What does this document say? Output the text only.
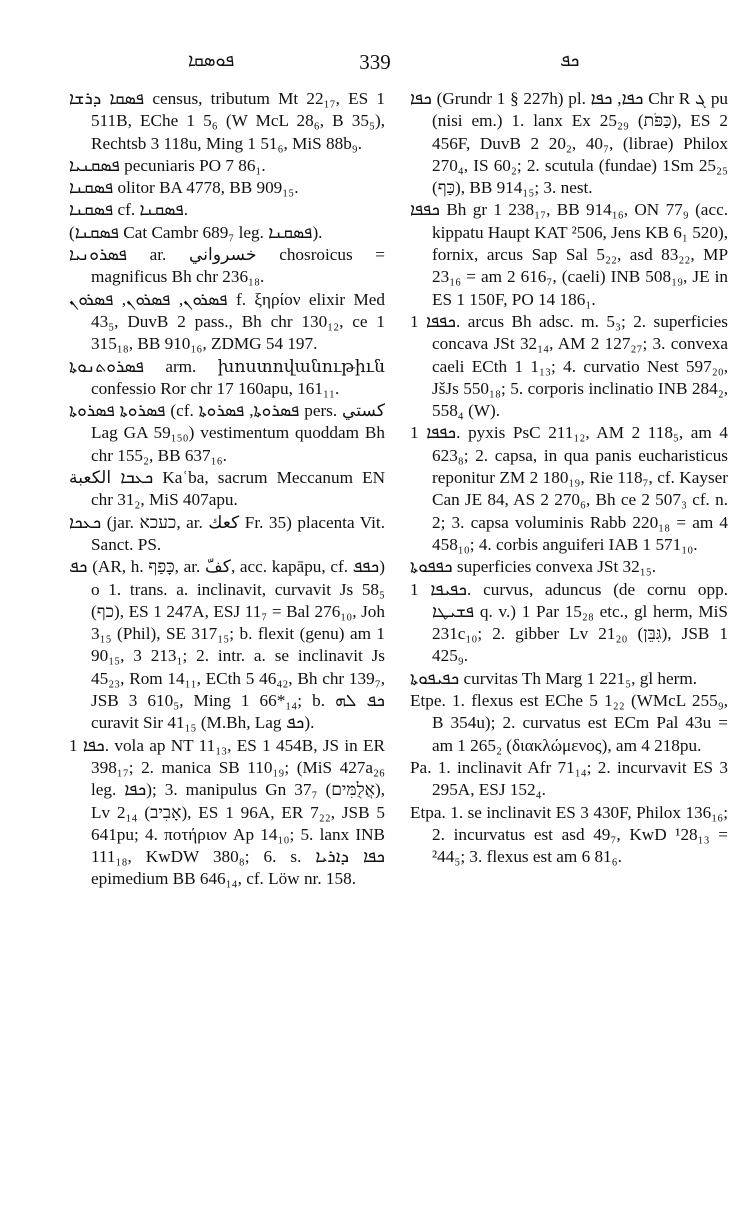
ܦܘܣܩܐ	339	ܟܦ

ܦܣܩܐ ܕܪܫܐ census, tributum Mt 22₁₇, ES 1 511B, EChe 1 5₆ (W McL 28₆, B 35₅), Rechtsb 3 118u, Ming 1 51₆, MiS 88b₉.

ܦܣܩܢܝܐ pecuniaris PO 7 86₁.

ܦܣܩܢܐ olitor BA 4778, BB 909₁₅.

ܦܣܩܢܐ cf. ܦܣܩܢܐ.

(ܦܣܩܢܐ Cat Cambr 689₇ leg. ܦܣܩܢܐ).

ܦܣܪܘܢܝܐ ar. خسرواني chosroicus = magnificus Bh chr 236₁₈.

ܦܣܪܘܢ, ܦܣܪܘܢ, ܦܣܪܘܢ f. ξηρίον elixir Med 43₅, DuvB 2 pass., Bh chr 130₁₂, ce 1 315₁₈, BB 910₁₆, ZDMG 54 197.

ܦܣܪܘܬܢܘܬܐ arm. խոստովանութիւն confessio Ror chr 17 160apu, 161₁₁.

ܦܣܪܘܬܐ ܦܣܪܘܬܐ (cf. ܦܣܪܘܬܐ, ܦܣܪܘܬܐ pers. كستي Lag GA 59₁₅₀) vestimentum quoddam Bh chr 155₂, BB 637₁₆.

ܟܥܒܐ الكعبة Kaʿba, sacrum Meccanum EN chr 31₂, MiS 407apu.

ܟܥܟܐ (jar. כעכא, ar. كعك Fr. 35) placenta Vit. Sanct. PS.

ܟܦ (AR, h. כָּפַף, ar. كفّ, acc. kapāpu, cf. ܟܦܦ) o 1. trans. a. inclinavit, curvavit Js 58₅ (כף), ES 1 247A, ESJ 11₇ = Bal 276₁₀, Joh 3₁₅ (Phil), SE 317₁₅; b. flexit (genu) am 1 90₁₅, 3 213₁; 2. intr. a. se inclinavit Js 45₂₃, Rom 14₁₁, ECth 5 46₄₂, Bh chr 139₇, JSB 3 610₅, Ming 1 66*₁₄; b. ܟܦ ܠܗ curavit Sir 41₁₅ (M.Bh, Lag ܟܦ).

ܟܦܐ 1. vola ap NT 11₁₃, ES 1 454B, JS in ER 398₁₇; 2. manica SB 110₁₉; (MiS 427a₂₆ leg. ܟܦܐ); 3. manipulus Gn 37₇ (אֲלֻמִּים), Lv 2₁₄ (אָבִיב), ES 1 96A, ER 7₂₂, JSB 5 641pu; 4. ποτήριον Ap 14₁₀; 5. lanx INB 111₁₈, KwDW 380₈; 6. s. ܟܦܐ ܕܐܪܝܐ epimedium BB 646₁₄, cf. Löw nr. 158.

ܟܦܐ (Grundr 1 § 227h) pl. ܟܦܐ, ܟܦܐ Chr R ܓ pu (nisi em.) 1. lanx Ex 25₂₉ (כַּפֹּת), ES 2 456F, DuvB 2 20₂, 40₇, (librae) Philox 270₄, IS 60₂; 2. scutula (fundae) 1Sm 25₂₅ (כַּף), BB 914₁₅; 3. nest.

ܟܦܦܐ Bh gr 1 238₁₇, BB 914₁₆, ON 77₉ (acc. kippatu Haupt KAT ²506, Jens KB 6₁ 520), fornix, arcus Sap Sal 5₂₂, asd 83₂₂, MP 23₁₆ = am 2 616₇, (caeli) INB 508₁₉, JE in ES 1 150F, PO 14 186₁.

ܟܦܦܐ 1. arcus Bh adsc. m. 5₃; 2. superficies concava JSt 32₁₄, AM 2 127₂₇; 3. convexa caeli ECth 1 1₁₃; 4. curvatio Nest 597₂₀, JšJs 550₁₈; 5. corporis inclinatio INB 284₂, 558₄ (W).

ܟܦܦܐ 1. pyxis PsC 211₁₂, AM 2 118₅, am 4 623₈; 2. capsa, in qua panis eucharisticus reponitur ZM 2 180₁₉, Rie 118₇, cf. Kayser Can JE 84, AS 2 270₆, Bh ce 2 507₃ cf. n. 2; 3. capsa voluminis Rabb 220₁₈ = am 4 458₁₀; 4. corbis anguiferi IAB 1 571₁₀.

ܟܦܦܘܬܐ superficies convexa JSt 32₁₅.

ܟܦܝܦܐ 1. curvus, aduncus (de cornu opp. ܦܫܝܛܐ q. v.) 1 Par 15₂₈ etc., gl herm, MiS 231c₁₀; 2. gibber Lv 21₂₀ (גִּבֵּן), JSB 1 425₉.

ܟܦܝܦܘܬܐ curvitas Th Marg 1 221₅, gl herm.

Etpe. 1. flexus est EChe 5 1₂₂ (WMcL 255₉, B 354u); 2. curvatus est ECm Pal 43u = am 1 265₂ (διακλώμενος), am 4 218pu.

Pa. 1. inclinavit Afr 71₁₄; 2. incurvavit ES 3 295A, ESJ 152₄.

Etpa. 1. se inclinavit ES 3 430F, Philox 136₁₆; 2. incurvatus est asd 49₇, KwD ¹28₁₃ = ²44₅; 3. flexus est am 6 81₆.
